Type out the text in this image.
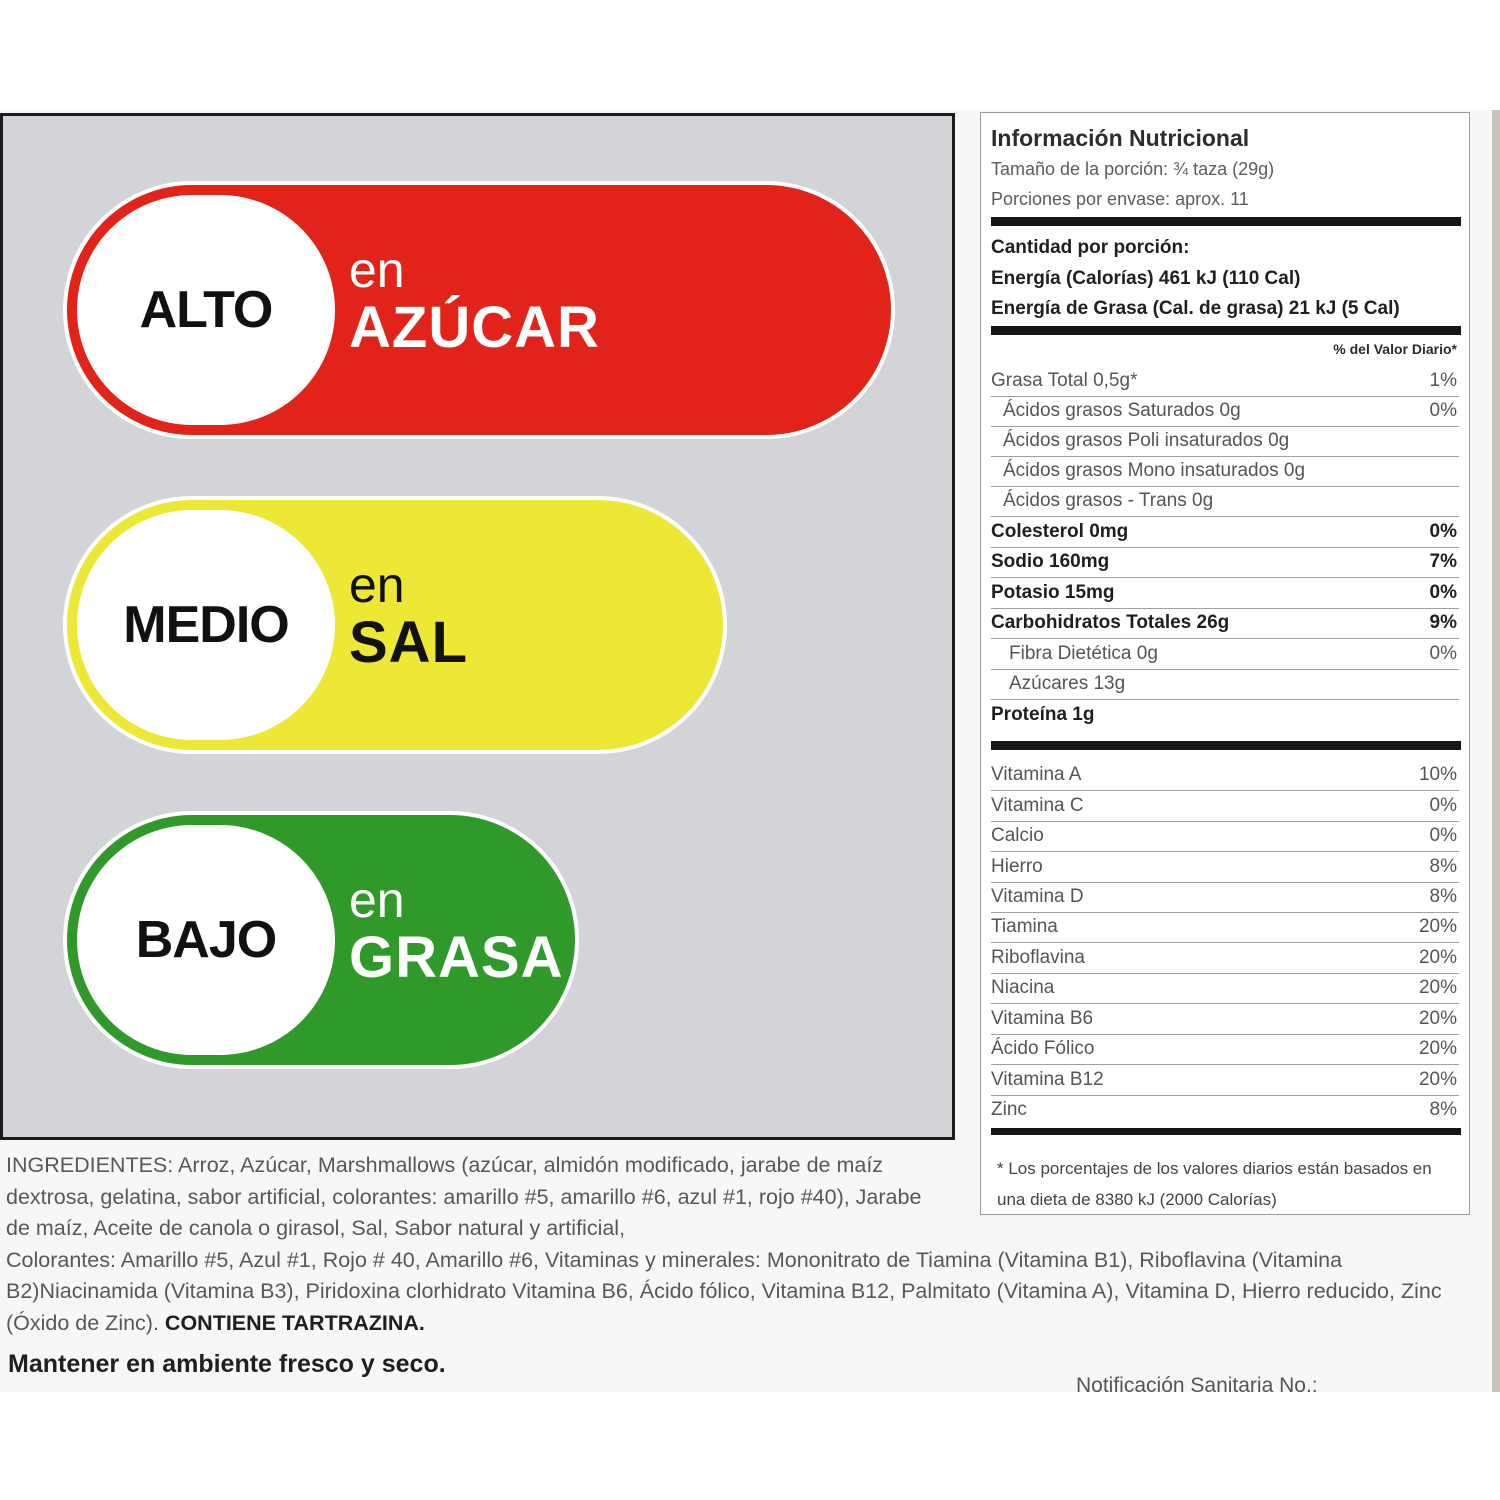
ALTO
en
AZÚCAR
MEDIO
en
SAL
BAJO
en
GRASA
Información Nutricional
Tamaño de la porción: ¾ taza (29g)
Porciones por envase: aprox. 11
Cantidad por porción:
Energía (Calorías) 461 kJ (110 Cal)
Energía de Grasa (Cal. de grasa) 21 kJ (5 Cal)
% del Valor Diario*
Grasa Total 0,5g*	1%
Ácidos grasos Saturados 0g	0%
Ácidos grasos Poli insaturados 0g
Ácidos grasos Mono insaturados 0g
Ácidos grasos - Trans 0g
Colesterol 0mg	0%
Sodio 160mg	7%
Potasio 15mg	0%
Carbohidratos Totales 26g	9%
Fibra Dietética 0g	0%
Azúcares 13g
Proteína 1g
Vitamina A	10%
Vitamina C	0%
Calcio	0%
Hierro	8%
Vitamina D	8%
Tiamina	20%
Riboflavina	20%
Niacina	20%
Vitamina B6	20%
Ácido Fólico	20%
Vitamina B12	20%
Zinc	8%
* Los porcentajes de los valores diarios están basados en una dieta de 8380 kJ (2000 Calorías)
INGREDIENTES: Arroz, Azúcar, Marshmallows (azúcar, almidón modificado, jarabe de maíz dextrosa, gelatina, sabor artificial, colorantes: amarillo #5, amarillo #6, azul #1, rojo #40), Jarabe de maíz, Aceite de canola o girasol, Sal, Sabor natural y artificial,
Colorantes: Amarillo #5, Azul #1, Rojo # 40, Amarillo #6, Vitaminas y minerales: Mononitrato de Tiamina (Vitamina B1), Riboflavina (Vitamina B2)Niacinamida (Vitamina B3), Piridoxina clorhidrato Vitamina B6, Ácido fólico, Vitamina B12, Palmitato (Vitamina A), Vitamina D, Hierro reducido, Zinc (Óxido de Zinc). CONTIENE TARTRAZINA.
Mantener en ambiente fresco y seco.
Notificación Sanitaria No.:
